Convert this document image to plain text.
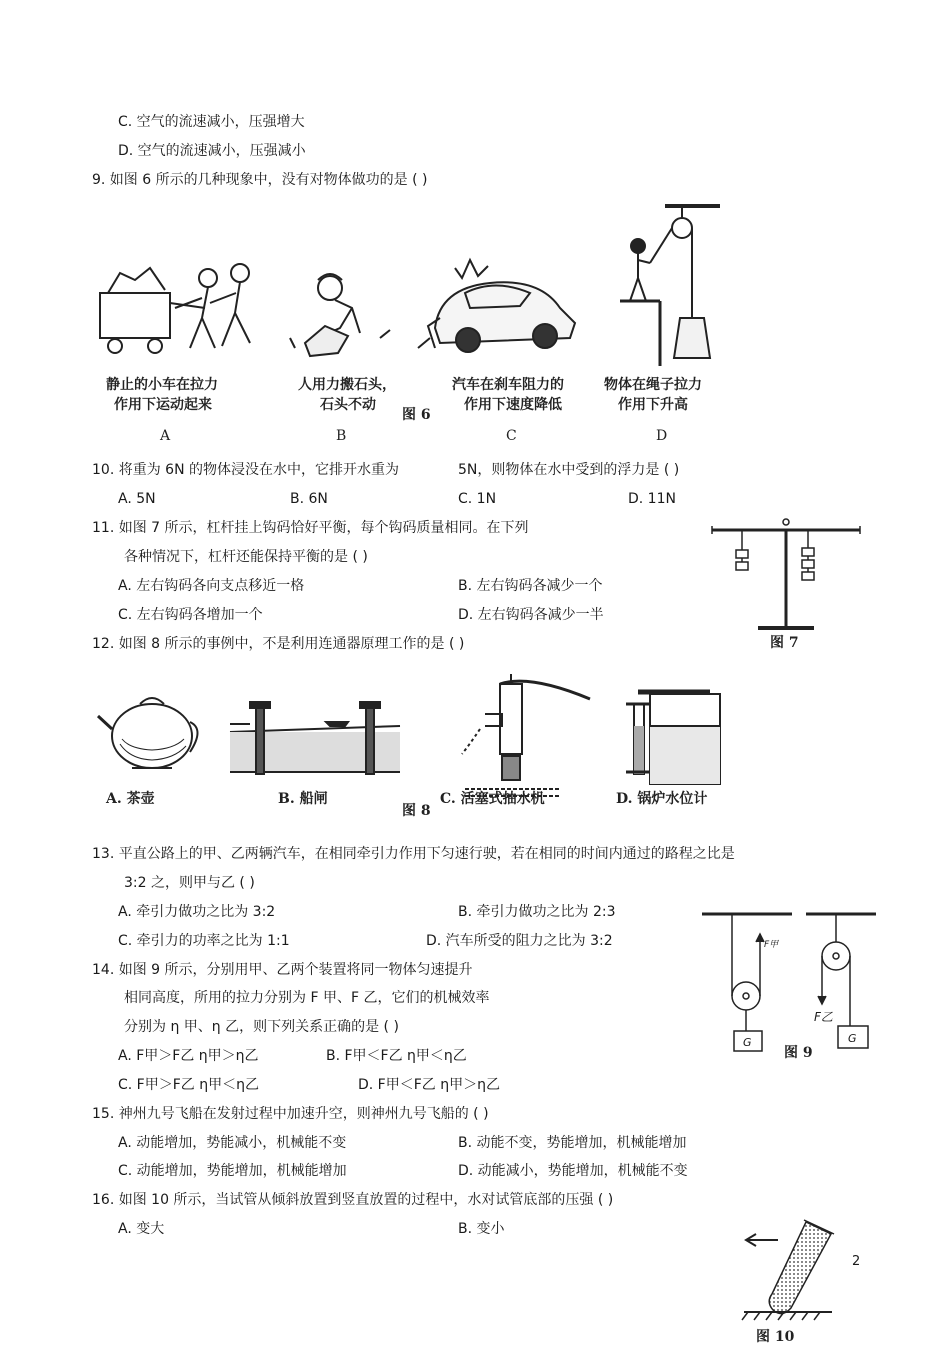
C. 空气的流速减小，压强增大
D. 空气的流速减小，压强减小
9. 如图 6 所示的几种现象中，没有对物体做功的是 ( )
静止的小车在拉力
作用下运动起来
人用力搬石头，
石头不动
汽车在刹车阻力的
作用下速度降低
物体在绳子拉力
作用下升高
图 6
A	B	C	D
10. 将重为 6N 的物体浸没在水中，它排开水重为	5N，则物体在水中受到的浮力是 ( )
A. 5N	B. 6N	C. 1N	D. 11N
11. 如图 7 所示，杠杆挂上钩码恰好平衡，每个钩码质量相同。在下列
各种情况下，杠杆还能保持平衡的是 ( )
A. 左右钩码各向支点移近一格	B. 左右钩码各减少一个
C. 左右钩码各增加一个	D. 左右钩码各减少一半
图 7
12. 如图 8 所示的事例中，不是利用连通器原理工作的是 ( )
A. 茶壶	B. 船闸	C. 活塞式抽水机	D. 锅炉水位计
图 8
13. 平直公路上的甲、乙两辆汽车，在相同牵引力作用下匀速行驶，若在相同的时间内通过的路程之比是
3:2 之，则甲与乙 ( )
A. 牵引力做功之比为 3:2	B. 牵引力做功之比为 2:3
C. 牵引力的功率之比为 1:1	D. 汽车所受的阻力之比为 3:2	F甲
F乙
G	G
图 9
14. 如图 9 所示，分别用甲、乙两个装置将同一物体匀速提升
相同高度，所用的拉力分别为 F 甲、F 乙，它们的机械效率
分别为 η 甲、η 乙，则下列关系正确的是 ( )
A. F甲＞F乙 η甲＞η乙	B. F甲＜F乙 η甲＜η乙
C. F甲＞F乙 η甲＜η乙	D. F甲＜F乙 η甲＞η乙
15. 神州九号飞船在发射过程中加速升空，则神州九号飞船的 ( )
A. 动能增加，势能减小，机械能不变	B. 动能不变，势能增加，机械能增加
C. 动能增加，势能增加，机械能增加	D. 动能减小，势能增加，机械能不变
16. 如图 10 所示，当试管从倾斜放置到竖直放置的过程中，水对试管底部的压强 ( )
A. 变大	B. 变小
图 10
2
